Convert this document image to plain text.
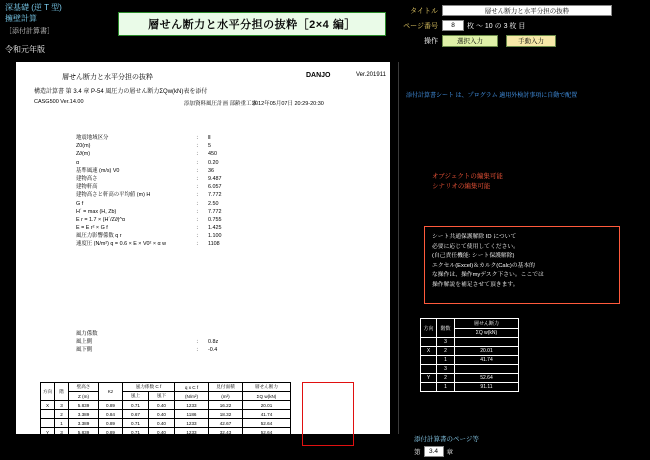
深基礎 (逆 T 型)
擁壁計算
［添付計算書］
令和元年版
層せん断力と水平分担の抜粋［2×4 編］
タイトル	層せん断力と水平分担の抜粋
ページ番号	8	枚 ～ 10 の 3 枚 目
操作	選択入力	手動入力
層せん断力と水平分担の抜粋	DANJO	Ver.201911
構造計算書 第 3.4 章 P-54 風圧力の層せん断力ΣQw(kN)表を添付
CASG500 Ver.14.00	添加資料風圧計画 部齢重工事
2012年05月07日 20:29-20:30
地震地域区分	：	Ⅱ
Z0(m)	：	5
Z∂(m)	：	450
α	：	0.20
基準風速 (m/s) V0	：	36
建物高さ	：	9.487
建物軒高	：	6.057
建物高さと軒高の平均値 (m) H	：	7.772
G f	：	2.50
H´ = max (H, Zb)	：	7.772
E r = 1.7 × (H´/Z∂)^α	：	0.755
E = E r² × G f	：	1.425
風圧力影響係数 q r	：	1.100
速度圧 (N/m²) q = 0.6 × E × V0² × α w	：	1108
風力係数
風上側	：	0.8z
風下側	：	-0.4
方向	階	壁高さ	Kz	風力係数 C f		q x C f	見付面積	層せん断力
		Z (m)		風上	風下	(N/m²)	(m²)	ΣQ w(kN)
X	3	5.839	0.89	0.71	0.40	1233	16.22	20.01
	2	3.389	0.84	0.67	0.40	1186	18.32	41.74
	1	3.389	0.89	0.71	0.40	1233	42.67	52.64
Y	3	5.839	0.89	0.71	0.40	1233	32.43	52.64
	2	3.389	0.84	0.67	0.40	1186	32.43	91.11
添付計算書シート は、プログラム 適用外検討事項に自動で配置
オブジェクトの編集可能
シナリオの編集可能
シート共通保護解除 ID について
必要に応じて使用してください。
(自己責任機能: シート保護解除)
エクセル(Excel)＆カルク(Calc)の基本的
な操作は、操作myデスク下さい。ここでは
操作解説を補足させて頂きます。
方向	階数	層せん断力
		ΣQ w(kN)
	3	
X	2	20.01
	1	41.74
	3	
Y	2	52.64
	1	91.11
添付計算書のページ等
第	3.4	章
